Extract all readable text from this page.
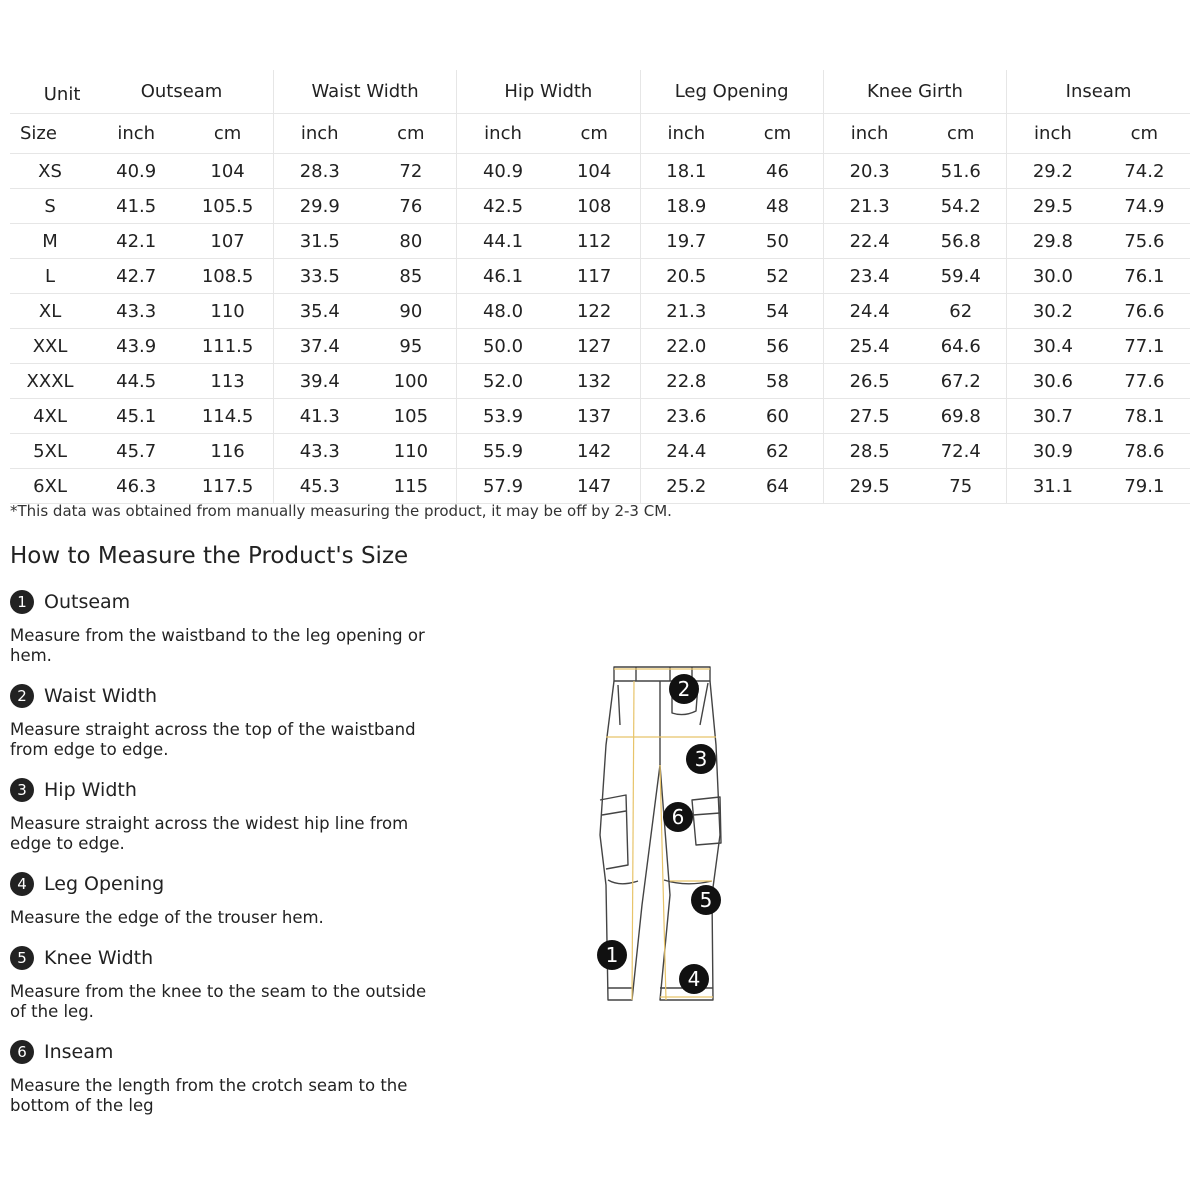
Unit	Outseam		Waist Width		Hip Width		Leg Opening		Knee Girth		Inseam	
Size	inch	cm	inch	cm	inch	cm	inch	cm	inch	cm	inch	cm
XS	40.9	104	28.3	72	40.9	104	18.1	46	20.3	51.6	29.2	74.2
S	41.5	105.5	29.9	76	42.5	108	18.9	48	21.3	54.2	29.5	74.9
M	42.1	107	31.5	80	44.1	112	19.7	50	22.4	56.8	29.8	75.6
L	42.7	108.5	33.5	85	46.1	117	20.5	52	23.4	59.4	30.0	76.1
XL	43.3	110	35.4	90	48.0	122	21.3	54	24.4	62	30.2	76.6
XXL	43.9	111.5	37.4	95	50.0	127	22.0	56	25.4	64.6	30.4	77.1
XXXL	44.5	113	39.4	100	52.0	132	22.8	58	26.5	67.2	30.6	77.6
4XL	45.1	114.5	41.3	105	53.9	137	23.6	60	27.5	69.8	30.7	78.1
5XL	45.7	116	43.3	110	55.9	142	24.4	62	28.5	72.4	30.9	78.6
6XL	46.3	117.5	45.3	115	57.9	147	25.2	64	29.5	75	31.1	79.1
*This data was obtained from manually measuring the product, it may be off by 2-3 CM.
How to Measure the Product's Size
1 Outseam
Measure from the waistband to the leg opening or hem.
2 Waist Width
Measure straight across the top of the waistband from edge to edge.
3 Hip Width
Measure straight across the widest hip line from edge to edge.
4 Leg Opening
Measure the edge of the trouser hem.
5 Knee Width
Measure from the knee to the seam to the outside of the leg.
6 Inseam
Measure the length from the crotch seam to the bottom of the leg
2
3
6
5
1
4
